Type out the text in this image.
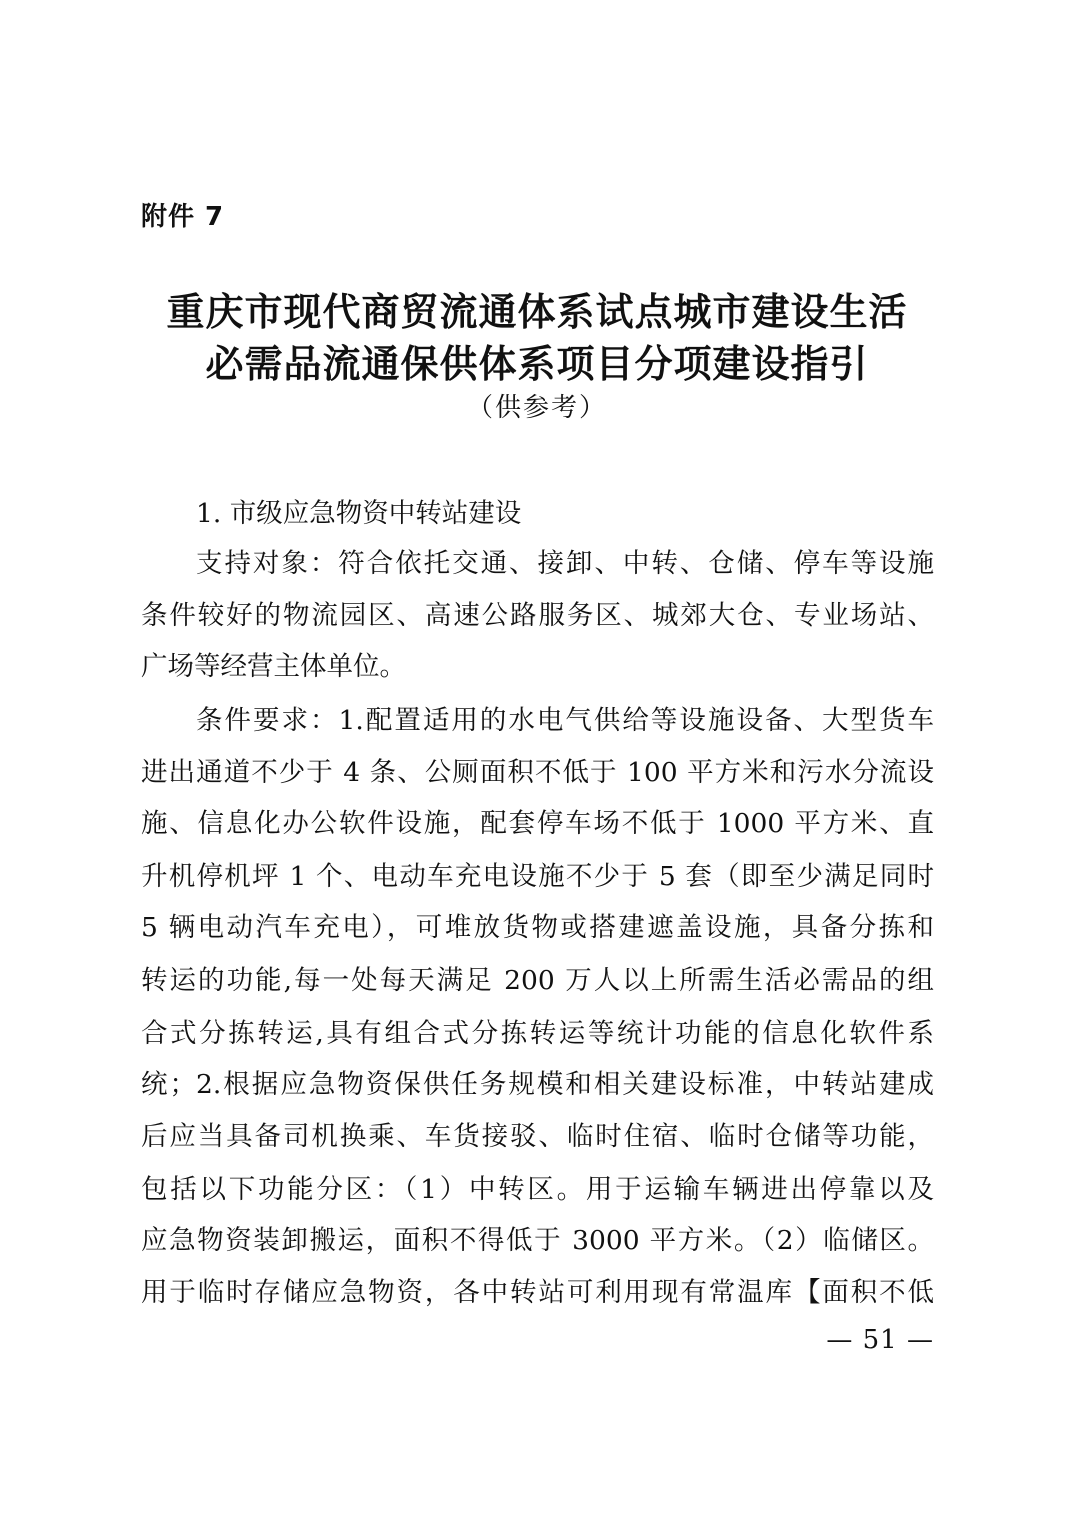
附件 7
重庆市现代商贸流通体系试点城市建设生活
必需品流通保供体系项目分项建设指引
（供参考）
1. 市级应急物资中转站建设
支持对象：符合依托交通、接卸、中转、仓储、停车等设施
条件较好的物流园区、高速公路服务区、城郊大仓、专业场站、
广场等经营主体单位。
条件要求：1.配置适用的水电气供给等设施设备、大型货车
进出通道不少于 4 条、公厕面积不低于 100 平方米和污水分流设
施、信息化办公软件设施，配套停车场不低于 1000 平方米、直
升机停机坪 1 个、电动车充电设施不少于 5 套（即至少满足同时
5 辆电动汽车充电），可堆放货物或搭建遮盖设施，具备分拣和
转运的功能,每一处每天满足 200 万人以上所需生活必需品的组
合式分拣转运,具有组合式分拣转运等统计功能的信息化软件系
统；2.根据应急物资保供任务规模和相关建设标准，中转站建成
后应当具备司机换乘、车货接驳、临时住宿、临时仓储等功能，
包括以下功能分区：（1）中转区。用于运输车辆进出停靠以及
应急物资装卸搬运，面积不得低于 3000 平方米。（2）临储区。
用于临时存储应急物资，各中转站可利用现有常温库【面积不低
— 51 —
